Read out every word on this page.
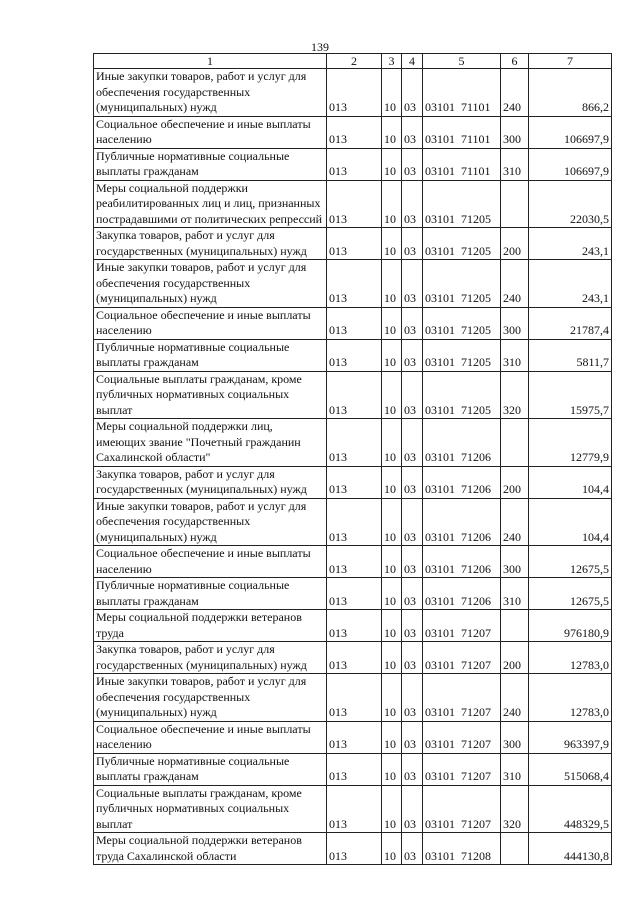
139
1	2	3	4	5	6	7
Иные закупки товаров, работ и услуг для обеспечения государственных (муниципальных) нужд	013	10	03	03101  71101	240	866,2
Социальное обеспечение и иные выплаты населению	013	10	03	03101  71101	300	106697,9
Публичные нормативные социальные выплаты гражданам	013	10	03	03101  71101	310	106697,9
Меры социальной поддержки реабилитированных лиц и лиц, признанных пострадавшими от политических репрессий	013	10	03	03101  71205		22030,5
Закупка товаров, работ и услуг для государственных (муниципальных) нужд	013	10	03	03101  71205	200	243,1
Иные закупки товаров, работ и услуг для обеспечения государственных (муниципальных) нужд	013	10	03	03101  71205	240	243,1
Социальное обеспечение и иные выплаты населению	013	10	03	03101  71205	300	21787,4
Публичные нормативные социальные выплаты гражданам	013	10	03	03101  71205	310	5811,7
Социальные выплаты гражданам, кроме публичных нормативных социальных выплат	013	10	03	03101  71205	320	15975,7
Меры социальной поддержки лиц, имеющих звание "Почетный гражданин Сахалинской области"	013	10	03	03101  71206		12779,9
Закупка товаров, работ и услуг для государственных (муниципальных) нужд	013	10	03	03101  71206	200	104,4
Иные закупки товаров, работ и услуг для обеспечения государственных (муниципальных) нужд	013	10	03	03101  71206	240	104,4
Социальное обеспечение и иные выплаты населению	013	10	03	03101  71206	300	12675,5
Публичные нормативные социальные выплаты гражданам	013	10	03	03101  71206	310	12675,5
Меры социальной поддержки ветеранов труда	013	10	03	03101  71207		976180,9
Закупка товаров, работ и услуг для государственных (муниципальных) нужд	013	10	03	03101  71207	200	12783,0
Иные закупки товаров, работ и услуг для обеспечения государственных (муниципальных) нужд	013	10	03	03101  71207	240	12783,0
Социальное обеспечение и иные выплаты населению	013	10	03	03101  71207	300	963397,9
Публичные нормативные социальные выплаты гражданам	013	10	03	03101  71207	310	515068,4
Социальные выплаты гражданам, кроме публичных нормативных социальных выплат	013	10	03	03101  71207	320	448329,5
Меры социальной поддержки ветеранов труда Сахалинской области	013	10	03	03101  71208		444130,8
